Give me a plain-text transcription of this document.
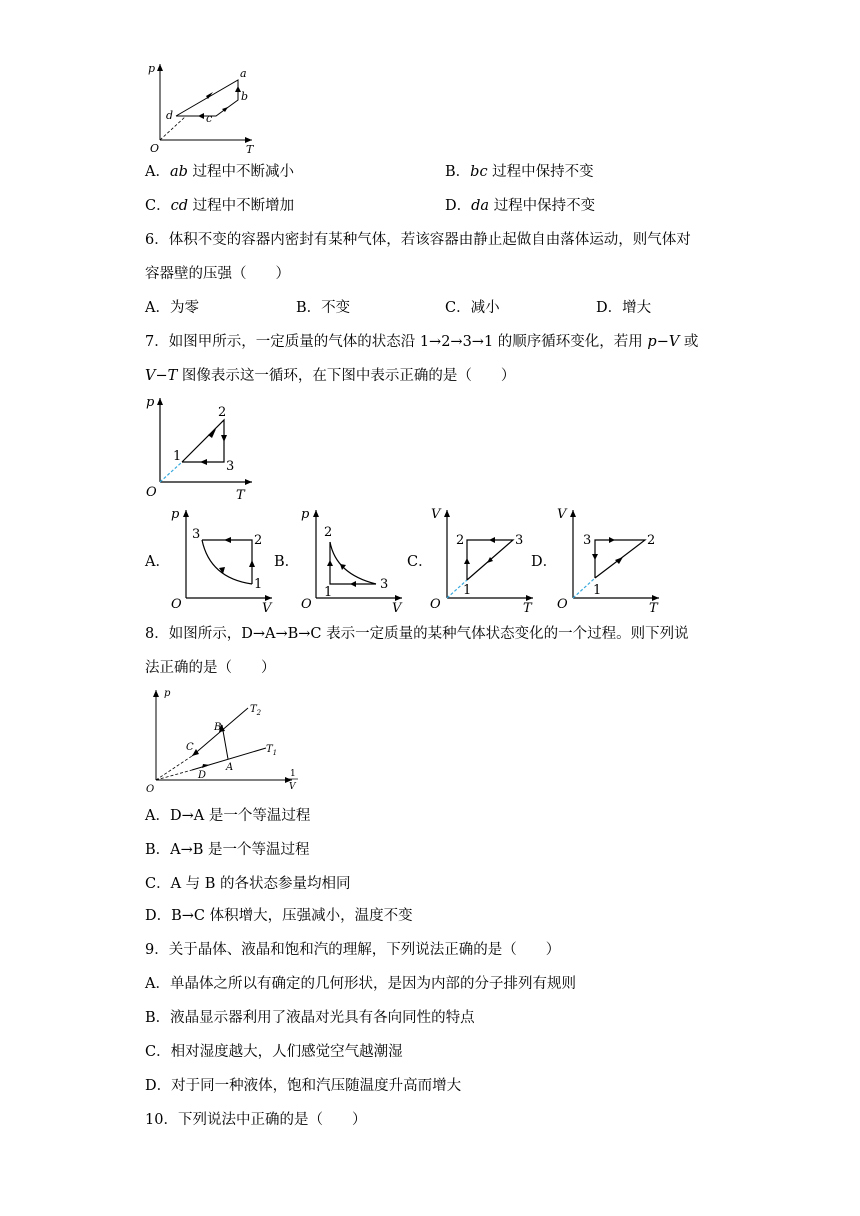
p
T
O
a
b
c
d
A．ab 过程中不断减小	B．bc 过程中保持不变
C．cd 过程中不断增加	D．da 过程中保持不变
6．体积不变的容器内密封有某种气体，若该容器由静止起做自由落体运动，则气体对
容器壁的压强（　　）
A．为零	B．不变	C．减小	D．增大
7．如图甲所示，一定质量的气体的状态沿 1→2→3→1 的顺序循环变化，若用 p−V 或
V−T 图像表示这一循环，在下图中表示正确的是（　　）
p
T
O
1
2
3
A．
p
V
O
1
2
3
B．
p
V
O
1
2
3
C．
V
T
O
1
2	3
D．
V
T
O
1
2
3
8．如图所示，D→A→B→C 表示一定质量的某种气体状态变化的一个过程。则下列说
法正确的是（　　）
p
O
$T_2$
$T_1$
A
B
C
D	1
V
A．D→A 是一个等温过程
B．A→B 是一个等温过程
C．A 与 B 的各状态参量均相同
D．B→C 体积增大，压强减小，温度不变
9．关于晶体、液晶和饱和汽的理解，下列说法正确的是（　　）
A．单晶体之所以有确定的几何形状，是因为内部的分子排列有规则
B．液晶显示器利用了液晶对光具有各向同性的特点
C．相对湿度越大，人们感觉空气越潮湿
D．对于同一种液体，饱和汽压随温度升高而增大
10．下列说法中正确的是（　　）
